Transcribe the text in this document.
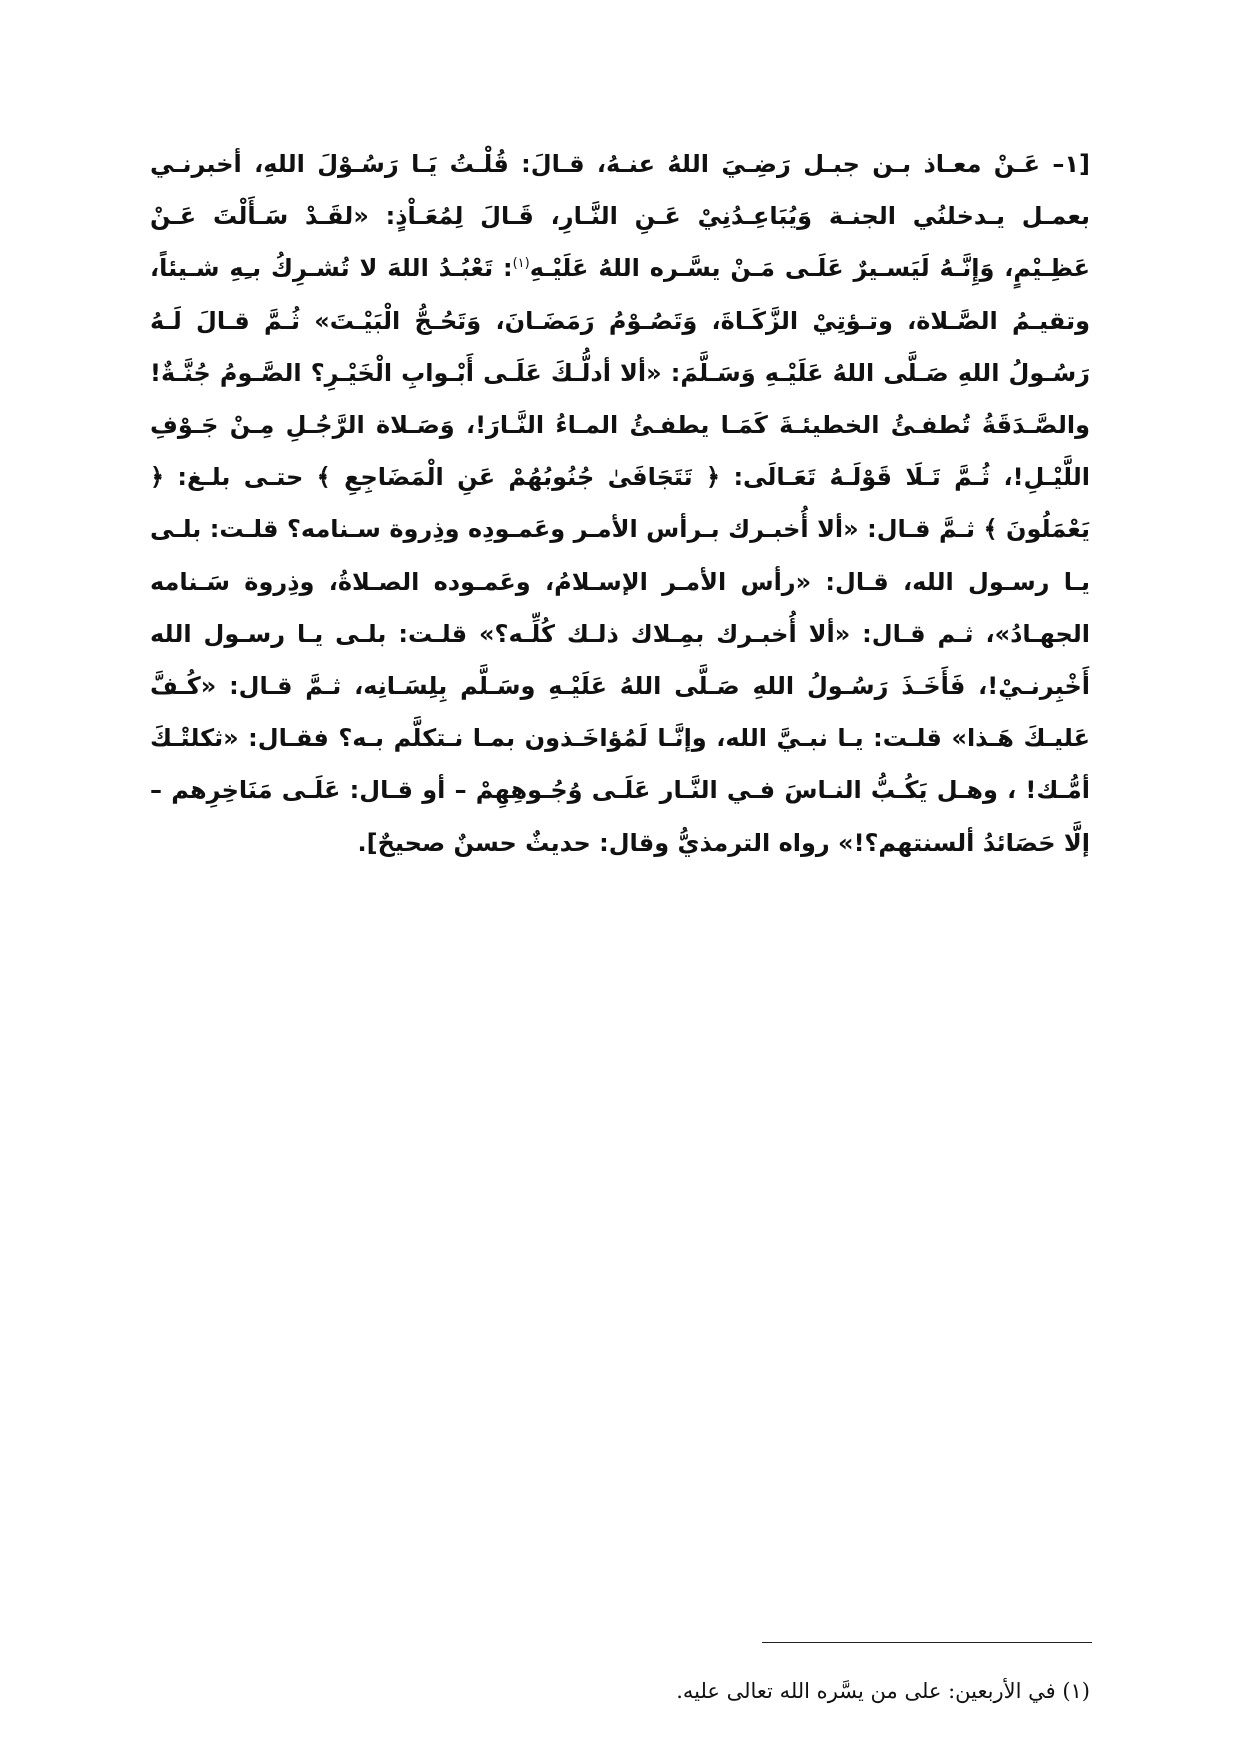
[١– عَـنْ معـاذ بـن جبـل رَضِـيَ اللهُ عنـهُ، قـالَ: قُلْـتُ يَـا رَسُـوْلَ اللهِ، أخبرنـي بعمـل يـدخلنُي الجنـة وَيُبَاعِـدُنِيْ عَـنِ النَّـارِ، قَـالَ لِمُعَـاْذٍ: «لقَـدْ سَـأَلْتَ عَـنْ عَظِـيْمٍ، وَإِنَّـهُ لَيَسـيرٌ عَلَـى مَـنْ يسَّـره اللهُ عَلَيْـهِ$^{(١)}$: تَعْبُـدُ اللهَ لا تُشـرِكُ بـِهِ شـيئاً، وتقيـمُ الصَّـلاة، وتـؤتِيْ الزَّكَـاةَ، وَتَصُـوْمُ رَمَضَـانَ، وَتَحُـجُّ الْبَيْـتَ» ثُـمَّ قـالَ لَـهُ رَسُـولُ اللهِ صَـلَّى اللهُ عَلَيْـهِ وَسَـلَّمَ: «ألا أدلُّـكَ عَلَـى أَبْـوابِ الْخَيْـرِ؟ الصَّـومُ جُنَّـةٌ! والصَّـدَقَةُ تُطفـئُ الخطيئـةَ كَمَـا يطفـئُ المـاءُ النَّـارَ!، وَصَـلاة الرَّجُـلِ مِـنْ جَـوْفِ اللَّيْـلِ!، ثُـمَّ تَـلَا قَوْلَـهُ تَعَـالَى: ﴿ تَتَجَافَىٰ جُنُوبُهُمْ عَنِ الْمَضَاجِعِ ﴾ حتـى بلـغ: ﴿ يَعْمَلُونَ ﴾ ثـمَّ قـال: «ألا أُخبـرك بـرأس الأمـر وعَمـودِه وذِروة سـنامه؟ قلـت: بلـى يـا رسـول الله، قـال: «رأس الأمـر الإسـلامُ، وعَمـوده الصـلاةُ، وذِروة سَـنامه الجهـادُ»، ثـم قـال: «ألا أُخبـرك بمِـلاك ذلـك كُلِّـه؟» قلـت: بلـى يـا رسـول الله أَخْبِرنـيْ!، فَأَخَـذَ رَسُـولُ اللهِ صَـلَّى اللهُ عَلَيْـهِ وسَـلَّم بِلِسَـانِه، ثـمَّ قـال: «كُـفَّ عَليـكَ هَـذا» قلـت: يـا نبـيَّ الله، وإنَّـا لَمُؤاخَـذون بمـا نـتكلَّم بـه؟ فقـال: «ثكلتْـكَ أمُّـك! ، وهـل يَكُـبُّ النـاسَ فـي النَّـار عَلَـى وُجُـوهِهِمْ – أو قـال: عَلَـى مَنَاخِرِهم – إلَّا حَصَائدُ ألسنتهم؟!» رواه الترمذيُّ وقال: حديثٌ حسنٌ صحيحٌ].

(١) في الأربعين: على من يسَّره الله تعالى عليه.
